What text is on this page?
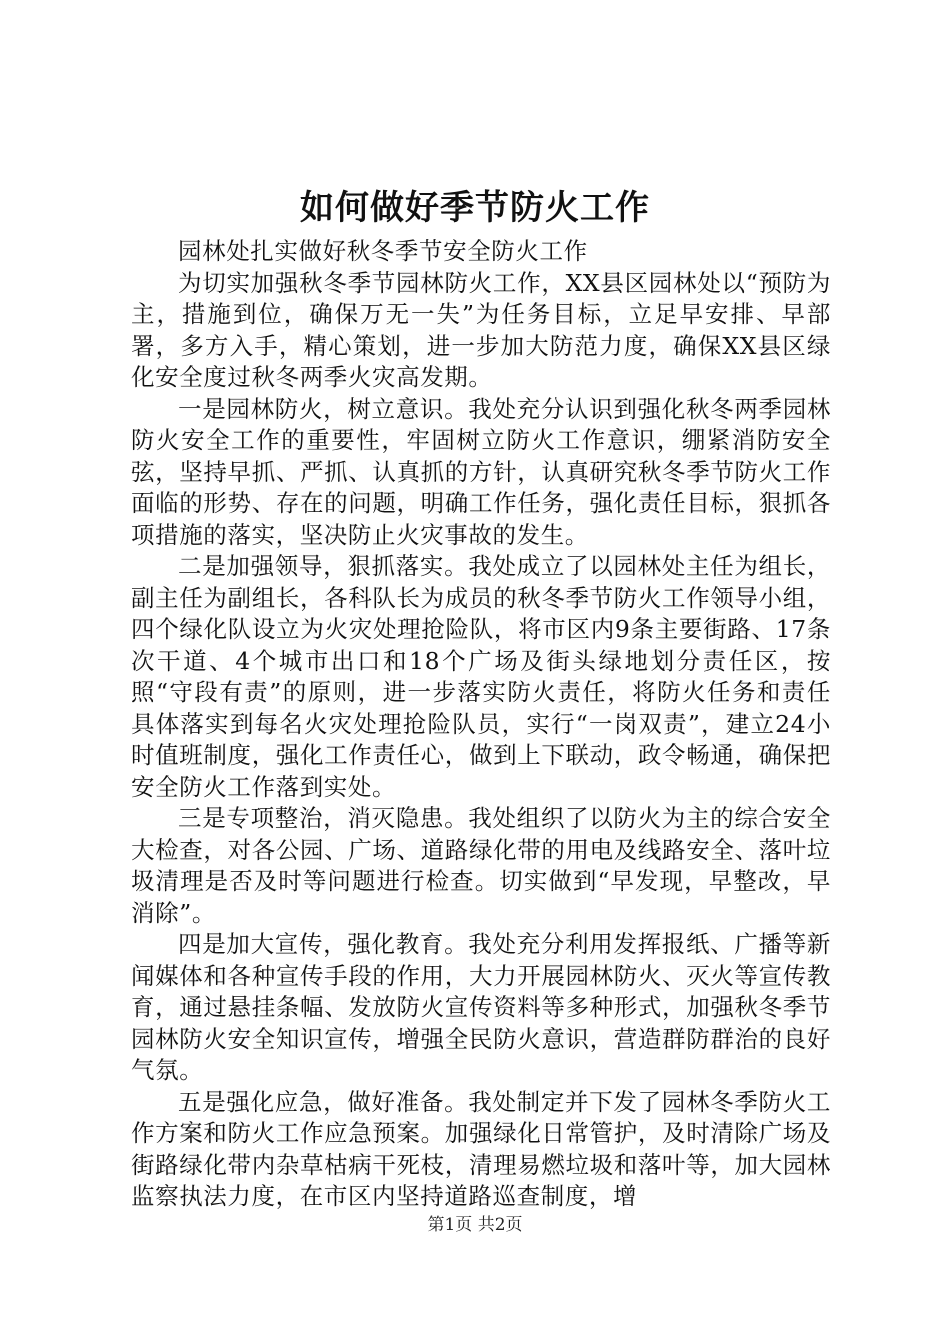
如何做好季节防火工作

园林处扎实做好秋冬季节安全防火工作

为切实加强秋冬季节园林防火工作，XX县区园林处以“预防为主，措施到位，确保万无一失”为任务目标，立足早安排、早部署，多方入手，精心策划，进一步加大防范力度，确保XX县区绿化安全度过秋冬两季火灾高发期。

一是园林防火，树立意识。我处充分认识到强化秋冬两季园林防火安全工作的重要性，牢固树立防火工作意识，绷紧消防安全弦，坚持早抓、严抓、认真抓的方针，认真研究秋冬季节防火工作面临的形势、存在的问题，明确工作任务，强化责任目标，狠抓各项措施的落实，坚决防止火灾事故的发生。

二是加强领导，狠抓落实。我处成立了以园林处主任为组长，副主任为副组长，各科队长为成员的秋冬季节防火工作领导小组，四个绿化队设立为火灾处理抢险队，将市区内9条主要街路、17条次干道、4个城市出口和18个广场及街头绿地划分责任区，按照“守段有责”的原则，进一步落实防火责任，将防火任务和责任具体落实到每名火灾处理抢险队员，实行“一岗双责”，建立24小时值班制度，强化工作责任心，做到上下联动，政令畅通，确保把安全防火工作落到实处。

三是专项整治，消灭隐患。我处组织了以防火为主的综合安全大检查，对各公园、广场、道路绿化带的用电及线路安全、落叶垃圾清理是否及时等问题进行检查。切实做到“早发现，早整改，早消除”。

四是加大宣传，强化教育。我处充分利用发挥报纸、广播等新闻媒体和各种宣传手段的作用，大力开展园林防火、灭火等宣传教育，通过悬挂条幅、发放防火宣传资料等多种形式，加强秋冬季节园林防火安全知识宣传，增强全民防火意识，营造群防群治的良好气氛。

五是强化应急，做好准备。我处制定并下发了园林冬季防火工作方案和防火工作应急预案。加强绿化日常管护，及时清除广场及街路绿化带内杂草枯病干死枝，清理易燃垃圾和落叶等，加大园林监察执法力度，在市区内坚持道路巡查制度，增

第1页 共2页
